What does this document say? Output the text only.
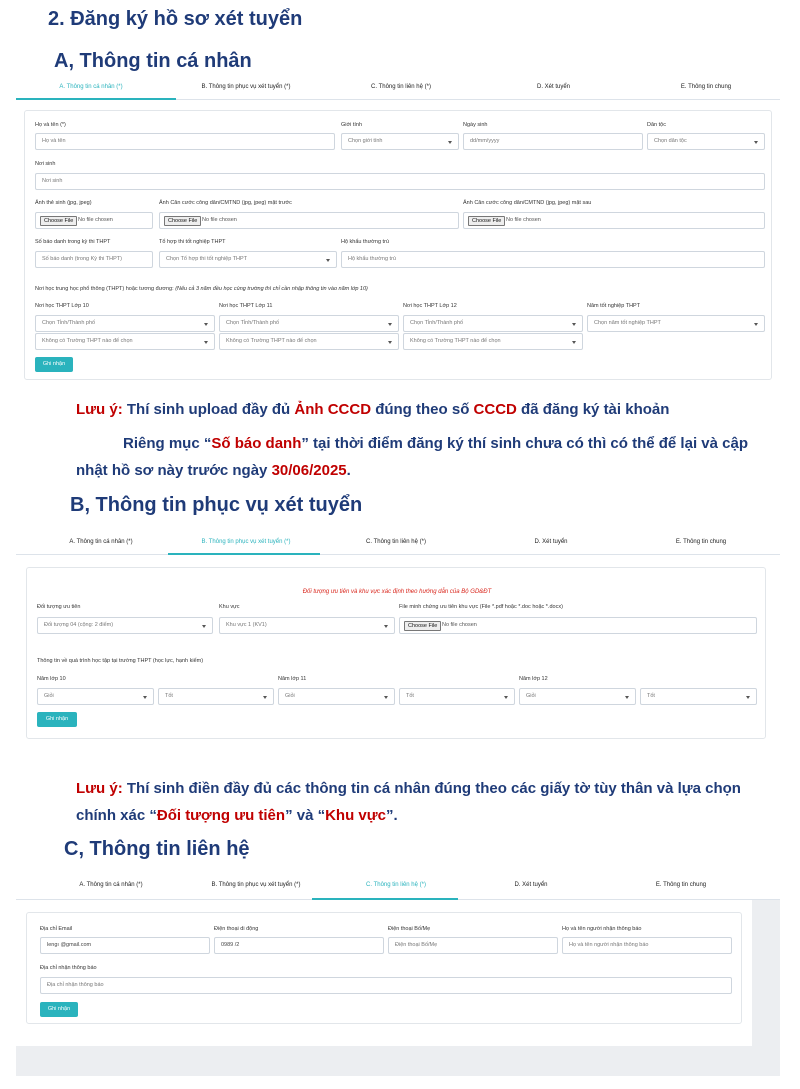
2. Đăng ký hồ sơ xét tuyển
A, Thông tin cá nhân
A. Thông tin cá nhân (*)	B. Thông tin phục vụ xét tuyển (*)	C. Thông tin liên hệ (*)	D. Xét tuyển	E. Thông tin chung
Họ và tên (*)
Họ và tên
Giới tính
Chọn giới tính
Ngày sinh
dd/mm/yyyy
Dân tộc
Chọn dân tộc
Nơi sinh
Nơi sinh
Ảnh thẻ sinh (jpg, jpeg)
Choose File No file chosen
Ảnh Căn cước công dân/CMTND (jpg, jpeg) mặt trước
Choose File No file chosen
Ảnh Căn cước công dân/CMTND (jpg, jpeg) mặt sau
Choose File No file chosen
Số báo danh trong kỳ thi THPT
Số báo danh (trong Kỳ thi THPT)
Tổ hợp thi tốt nghiệp THPT
Chọn Tổ hợp thi tốt nghiệp THPT
Hộ khẩu thường trú
Hộ khẩu thường trú
Nơi học trung học phổ thông (THPT) hoặc tương đương: (Nếu cả 3 năm đều học cùng trường thì chỉ cần nhập thông tin vào năm lớp 10)
Nơi học THPT Lớp 10	Nơi học THPT Lớp 11	Nơi học THPT Lớp 12	Năm tốt nghiệp THPT
Chọn Tỉnh/Thành phố	Chọn Tỉnh/Thành phố	Chọn Tỉnh/Thành phố	Chọn năm tốt nghiệp THPT
Không có Trường THPT nào để chọn	Không có Trường THPT nào để chọn	Không có Trường THPT nào để chọn
Ghi nhận
Lưu ý: Thí sinh upload đầy đủ Ảnh CCCD đúng theo số CCCD đã đăng ký tài khoản
Riêng mục “Số báo danh” tại thời điểm đăng ký thí sinh chưa có thì có thể để lại và cập nhật hồ sơ này trước ngày 30/06/2025.
B, Thông tin phục vụ xét tuyển
A. Thông tin cá nhân (*)	B. Thông tin phục vụ xét tuyển (*)	C. Thông tin liên hệ (*)	D. Xét tuyển	E. Thông tin chung
Đối tượng ưu tiên và khu vực xác định theo hướng dẫn của Bộ GD&ĐT
Đối tượng ưu tiên
Đối tượng 04 (cộng: 2 điểm)
Khu vực
Khu vực 1 (KV1)
File minh chứng ưu tiên khu vực (File *.pdf hoặc *.doc hoặc *.docx)
Choose File No file chosen
Thông tin về quá trình học tập tại trường THPT (học lực, hạnh kiểm)
Năm lớp 10	Năm lớp 11	Năm lớp 12
Giỏi	Tốt	Giỏi	Tốt	Giỏi	Tốt
Ghi nhận
Lưu ý: Thí sinh điền đầy đủ các thông tin cá nhân đúng theo các giấy tờ tùy thân và lựa chọn chính xác “Đối tượng ưu tiên” và “Khu vực”.
C, Thông tin liên hệ
A. Thông tin cá nhân (*)	B. Thông tin phục vụ xét tuyển (*)	C. Thông tin liên hệ (*)	D. Xét tuyển	E. Thông tin chung
Địa chỉ Email
lengı @gmail.com
Điện thoại di động
0989 /2
Điện thoại Bố/Mẹ
Điện thoại Bố/Mẹ
Họ và tên người nhận thông báo
Họ và tên người nhận thông báo
Địa chỉ nhận thông báo
Địa chỉ nhận thông báo
Ghi nhận
